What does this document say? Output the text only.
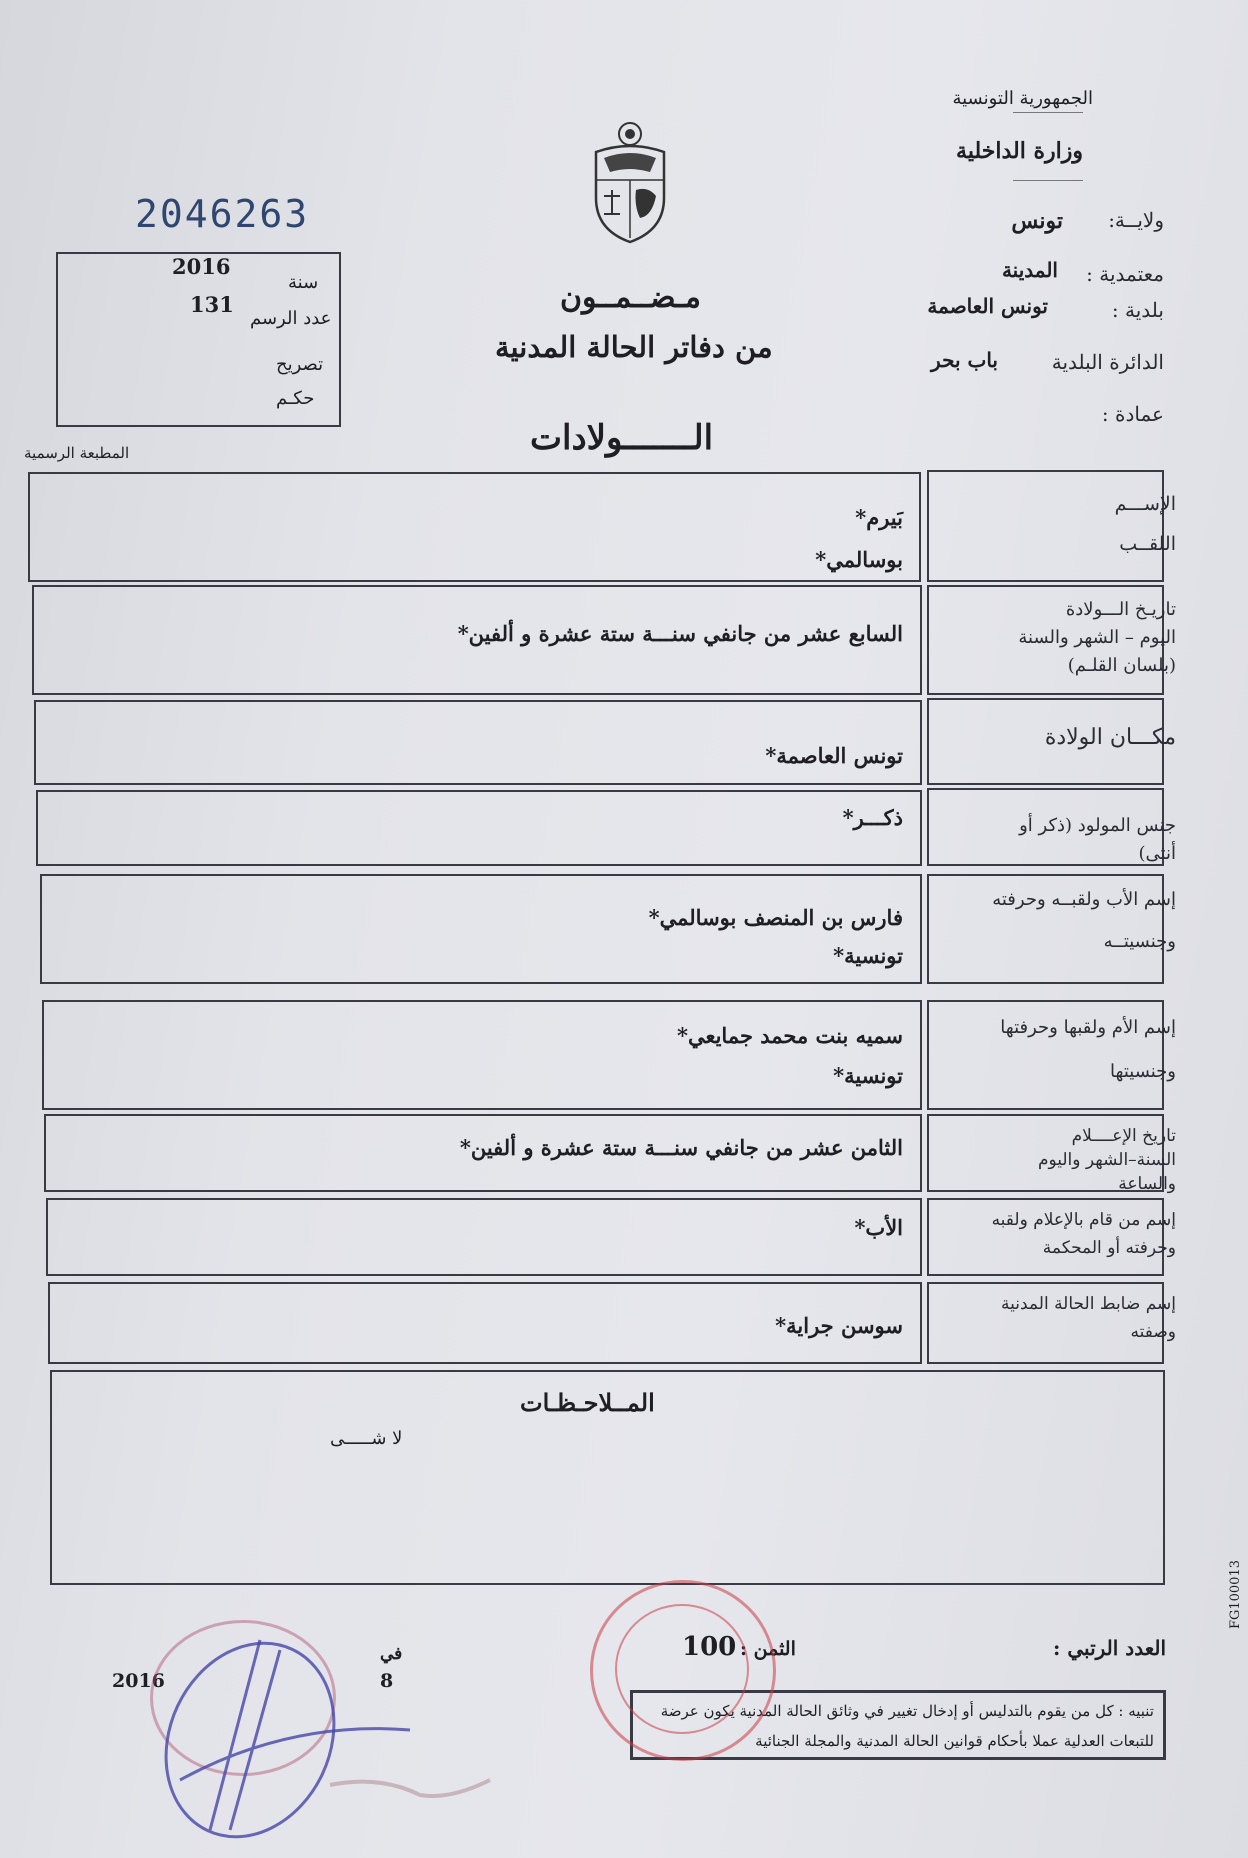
الجمهورية التونسية
وزارة الداخلية
ولايــة:
تونس
معتمدية :
المدينة
بلدية :
تونس العاصمة
الدائرة البلدية
باب بحر
عمادة :
2046263
سنة
2016
عدد الرسم
131
تصريح
حكـم
مـضــمــون
من دفاتر الحالة المدنية
الـــــــولادات
المطبعة الرسمية
الإســـم
اللقــب
بَيرم*
بوسالمي*
تاريـخ الـــولادة
اليوم – الشهر والسنة
(بلسان القلـم)
السابع عشر من جانفي سنـــة ستة عشرة و ألفين*
مكـــان الولادة
تونس العاصمة*
جنس المولود (ذكر أو أنثى)
ذكـــر*
إسم الأب ولقبــه وحرفته
وجنسيتــه
فارس بن المنصف بوسالمي*
تونسية*
إسم الأم ولقبها وحرفتها
وجنسيتها
سميه بنت محمد جمايعي*
تونسية*
تاريخ الإعــــلام
السنة–الشهر واليوم والساعة
الثامن عشر من جانفي سنـــة ستة عشرة و ألفين*
إسم من قام بالإعلام ولقبه
وحرفته أو المحكمة
الأب*
إسم ضابط الحالة المدنية
وصفته
سوسن جراية*
المــلاحـظـات
لا شـــــى
FG100013
العدد الرتبي :
الثمن :
100
2016
في
8
تنبيه : كل من يقوم بالتدليس أو إدخال تغيير في وثائق الحالة المدنية يكون عرضة
للتبعات العدلية عملا بأحكام قوانين الحالة المدنية والمجلة الجنائية
